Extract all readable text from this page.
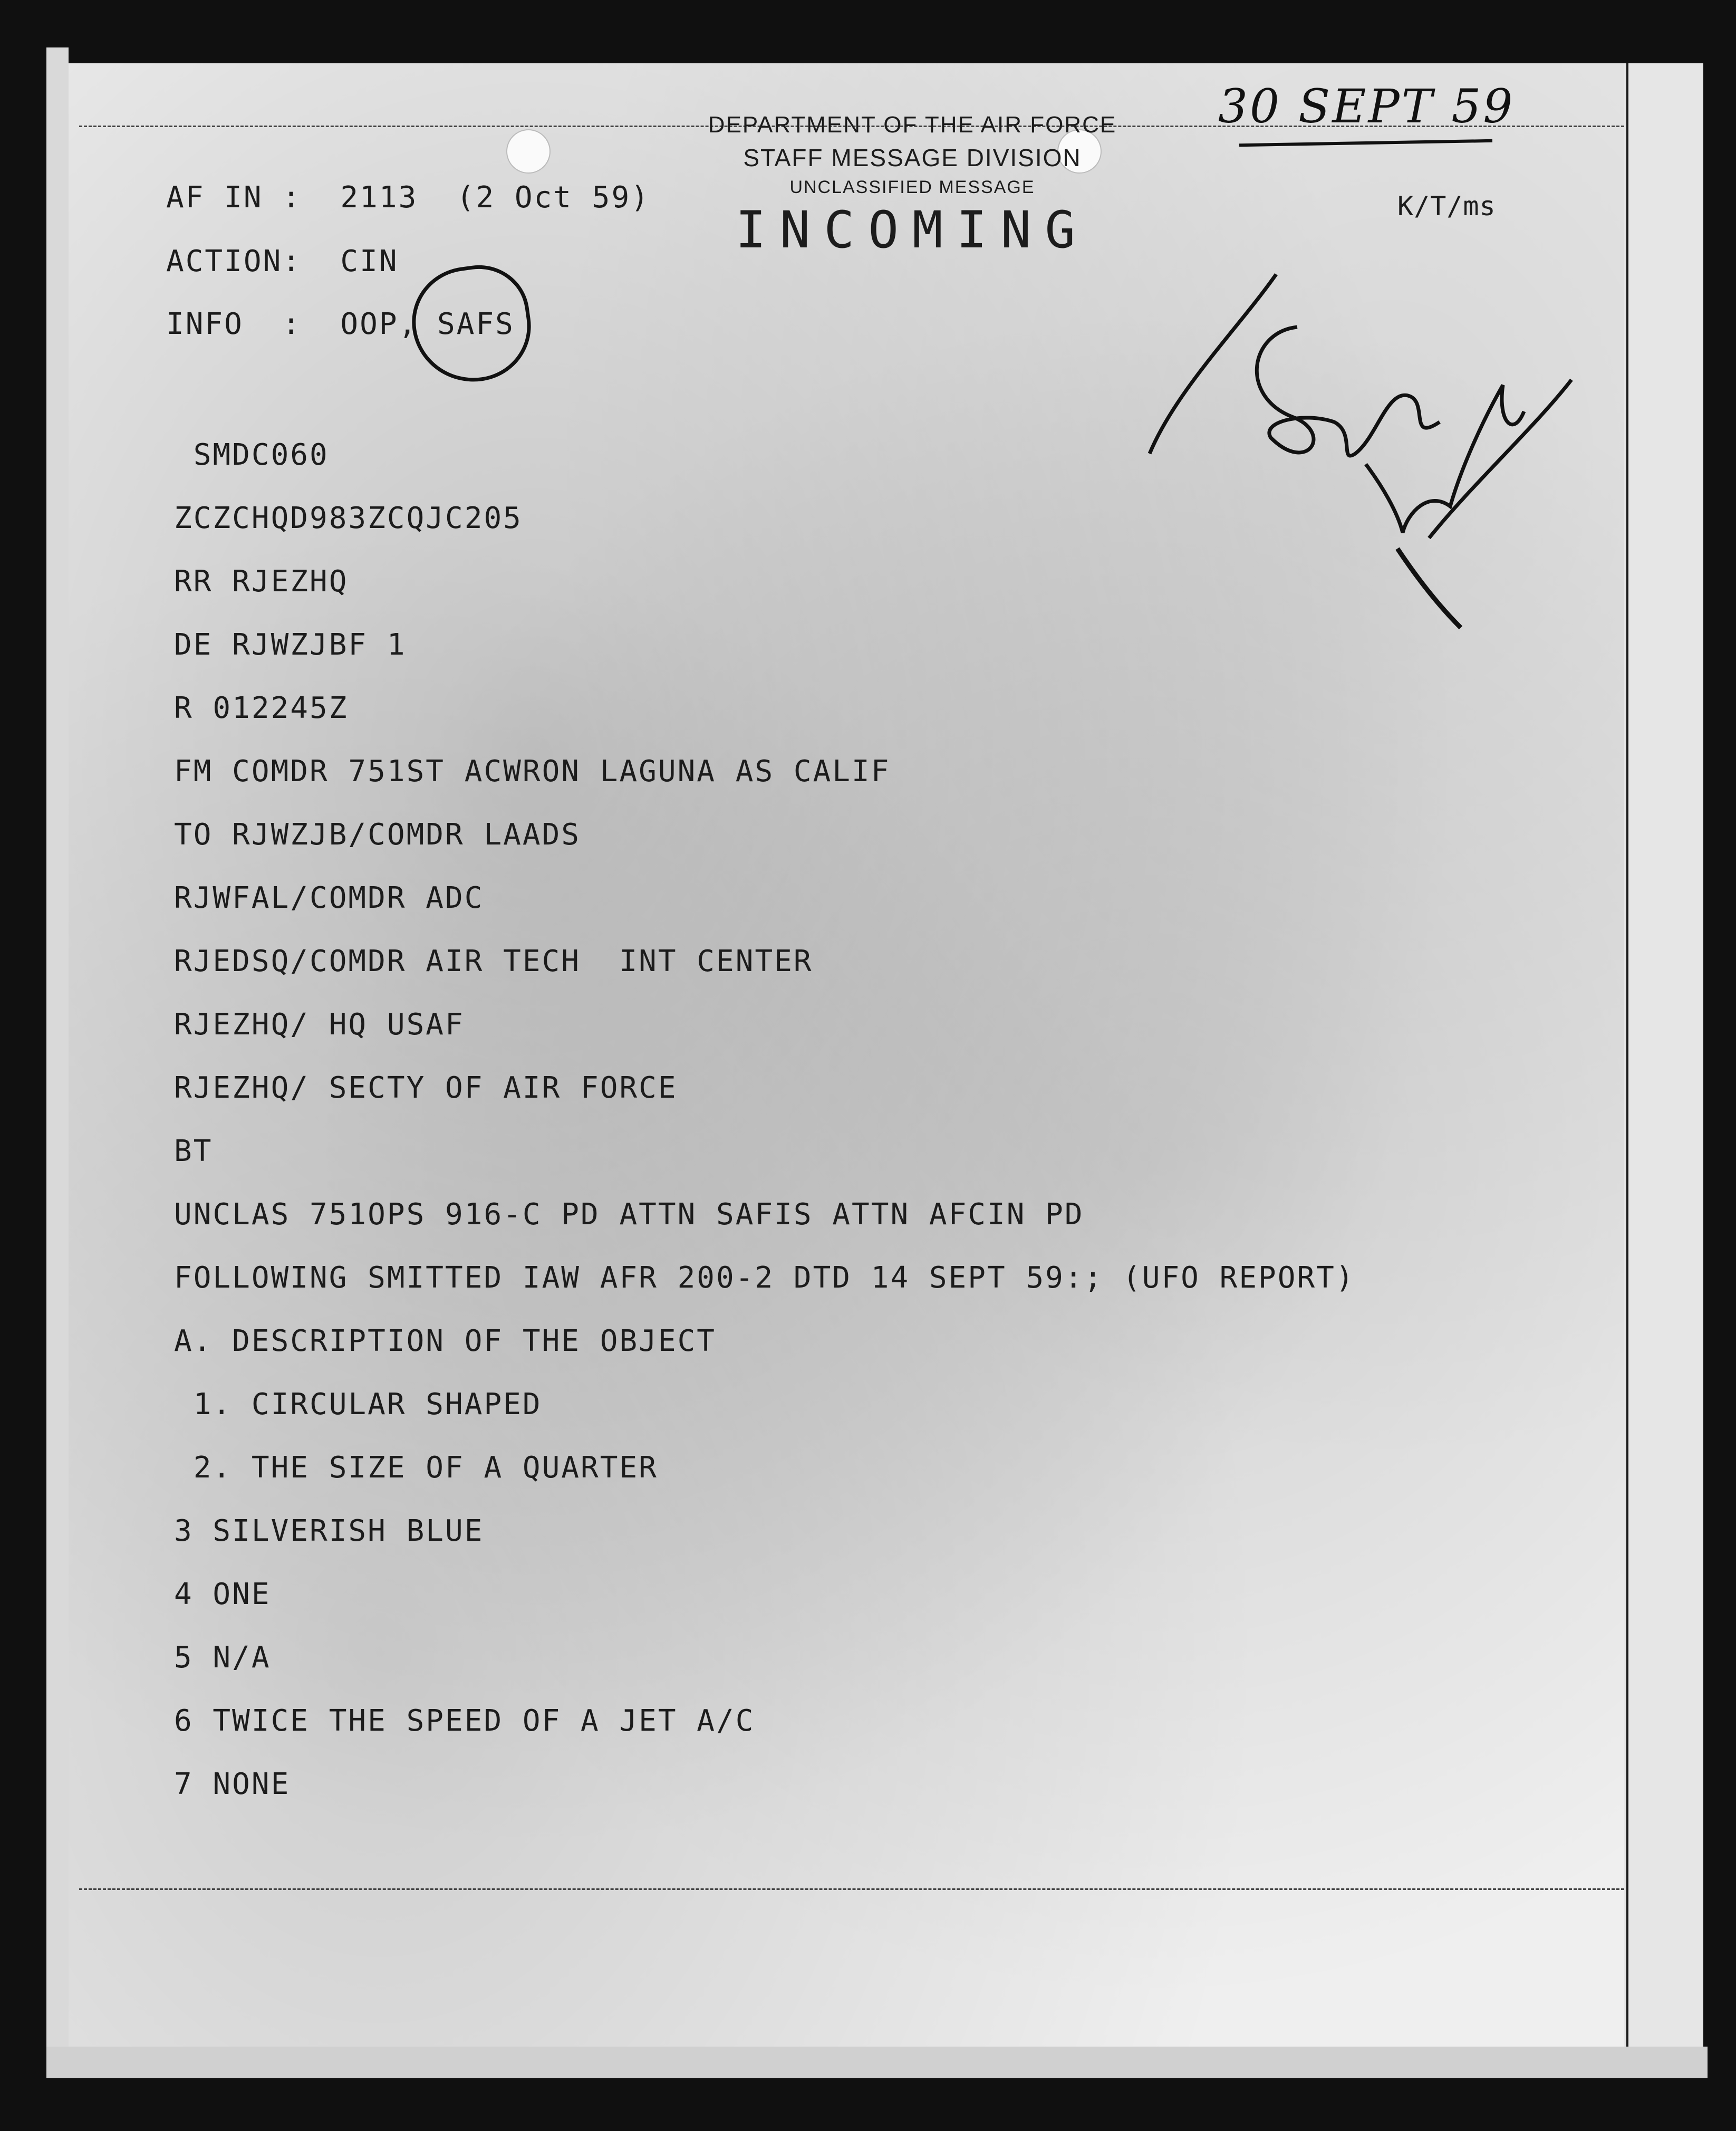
DEPARTMENT OF THE AIR FORCE
STAFF MESSAGE DIVISION
UNCLASSIFIED MESSAGE
INCOMING
AF IN :  2113  (2 Oct 59)
ACTION:  CIN
INFO  :  OOP, SAFS
K/T/ms
30 SEPT 59
SMDC060
ZCZCHQD983ZCQJC205
RR RJEZHQ
DE RJWZJBF 1
R 012245Z
FM COMDR 751ST ACWRON LAGUNA AS CALIF
TO RJWZJB/COMDR LAADS
RJWFAL/COMDR ADC
RJEDSQ/COMDR AIR TECH  INT CENTER
RJEZHQ/ HQ USAF
RJEZHQ/ SECTY OF AIR FORCE
BT
UNCLAS 751OPS 916-C PD ATTN SAFIS ATTN AFCIN PD
FOLLOWING SMITTED IAW AFR 200-2 DTD 14 SEPT 59:; (UFO REPORT)
A. DESCRIPTION OF THE OBJECT
1. CIRCULAR SHAPED
2. THE SIZE OF A QUARTER
3 SILVERISH BLUE
4 ONE
5 N/A
6 TWICE THE SPEED OF A JET A/C
7 NONE
